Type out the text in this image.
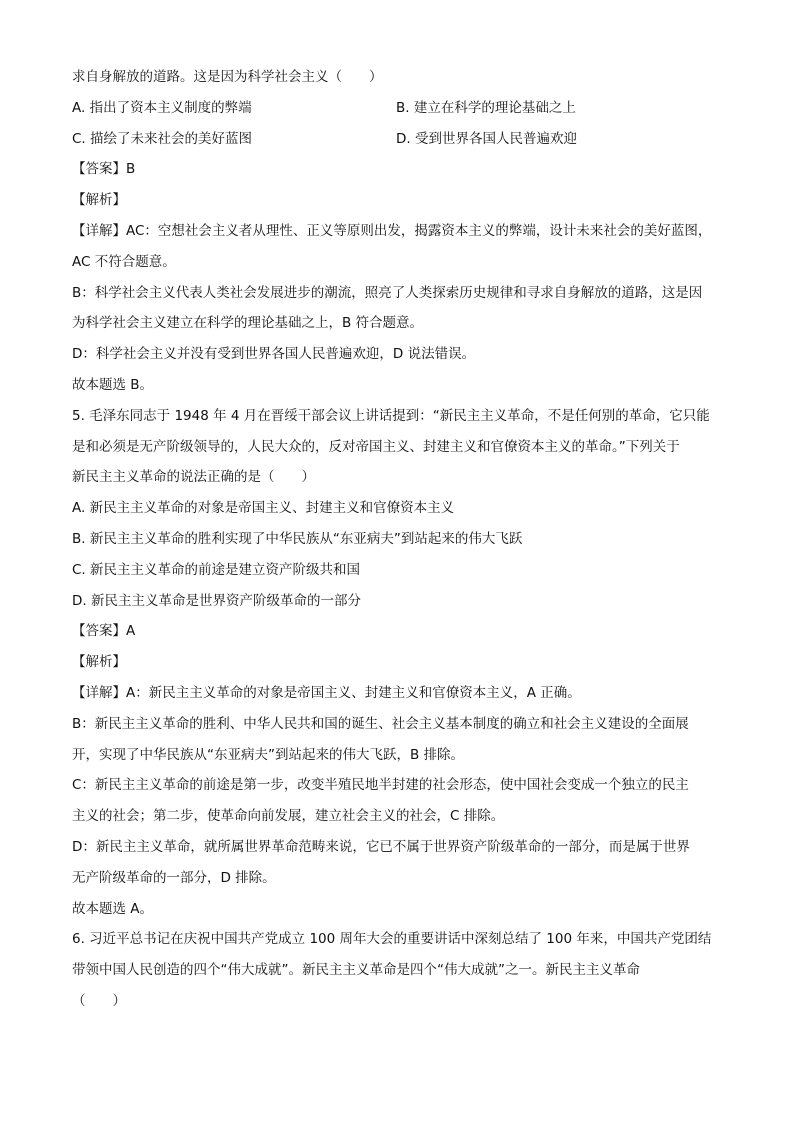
求自身解放的道路。这是因为科学社会主义（　　）
A. 指出了资本主义制度的弊端	B. 建立在科学的理论基础之上
C. 描绘了未来社会的美好蓝图	D. 受到世界各国人民普遍欢迎
【答案】B
【解析】
【详解】AC：空想社会主义者从理性、正义等原则出发，揭露资本主义的弊端，设计未来社会的美好蓝图，
AC 不符合题意。
B：科学社会主义代表人类社会发展进步的潮流，照亮了人类探索历史规律和寻求自身解放的道路，这是因
为科学社会主义建立在科学的理论基础之上，B 符合题意。
D：科学社会主义并没有受到世界各国人民普遍欢迎，D 说法错误。
故本题选 B。
5. 毛泽东同志于 1948 年 4 月在晋绥干部会议上讲话提到：“新民主主义革命，不是任何别的革命，它只能
是和必须是无产阶级领导的，人民大众的，反对帝国主义、封建主义和官僚资本主义的革命。”下列关于
新民主主义革命的说法正确的是（　　）
A. 新民主主义革命的对象是帝国主义、封建主义和官僚资本主义
B. 新民主主义革命的胜利实现了中华民族从“东亚病夫”到站起来的伟大飞跃
C. 新民主主义革命的前途是建立资产阶级共和国
D. 新民主主义革命是世界资产阶级革命的一部分
【答案】A
【解析】
【详解】A：新民主主义革命的对象是帝国主义、封建主义和官僚资本主义，A 正确。
B：新民主主义革命的胜利、中华人民共和国的诞生、社会主义基本制度的确立和社会主义建设的全面展
开，实现了中华民族从“东亚病夫”到站起来的伟大飞跃，B 排除。
C：新民主主义革命的前途是第一步，改变半殖民地半封建的社会形态，使中国社会变成一个独立的民主
主义的社会；第二步，使革命向前发展，建立社会主义的社会，C 排除。
D：新民主主义革命，就所属世界革命范畴来说，它已不属于世界资产阶级革命的一部分，而是属于世界
无产阶级革命的一部分，D 排除。
故本题选 A。
6. 习近平总书记在庆祝中国共产党成立 100 周年大会的重要讲话中深刻总结了 100 年来，中国共产党团结
带领中国人民创造的四个“伟大成就”。新民主主义革命是四个“伟大成就”之一。新民主主义革命
（　　）
